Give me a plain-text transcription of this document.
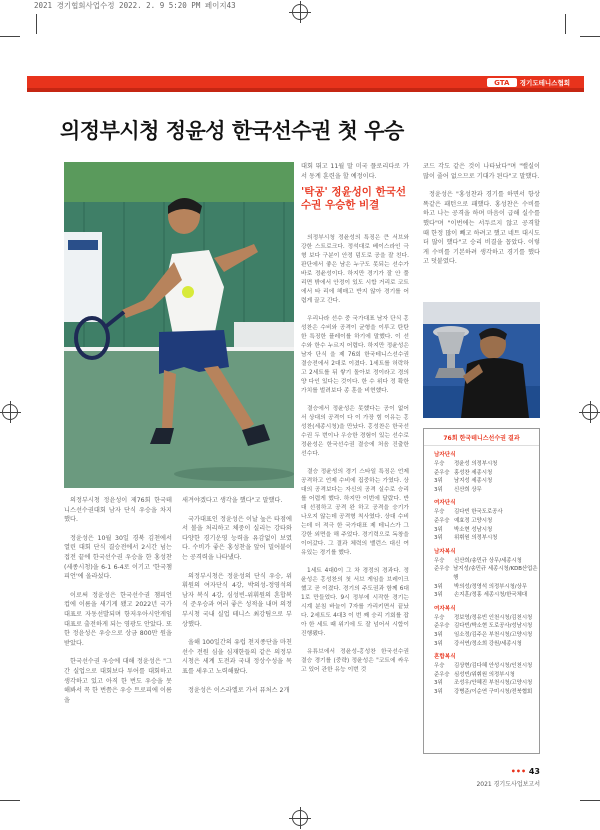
2021 경기협회사업수정 2022. 2. 9 5:20 PM 페이지43
GTA	경기도테니스협회
의정부시청 정윤성 한국선수권 첫 우승

의정부시청 정윤성이 제76회 한국테니스선수권대회 남자 단식 우승을 차지했다.

정윤성은 10월 30일 경북 김천에서 열린 대회 단식 결승전에서 2시간 넘는 접전 끝에 한국선수권 우승을 한 홍성찬(세종시청)을 6-1 6-4로 이기고 '한국챔피언'에 올라섰다.

이로써 정윤성은 한국선수권 챔피언 컵에 이름을 새기게 됐고 2022년 국가대표로 자동선발되며 항저우아시안게임 대표로 출전하게 되는 영광도 안았다. 또 한 정윤성은 우승으로 상금 800만 원을 받았다.

한국선수권 우승에 대해 정윤성은 "그 간 실업으로 대회보다 투어를 대회하고 생각하고 있고 아직 한 번도 우승을 못 해봐서 꼭 한 번쯤은 우승 트로피에 이름을

새겨야겠다고 생각을 했다"고 말했다.

국가대표인 정윤성은 이날 높은 타점에서 볼을 처리하고 체중이 실리는 강타와 다양한 경기운영 능력을 유감없이 보였다. 수비가 좋은 홍성찬을 앞어 밀어붙이는 공격력을 나타냈다.

의정부시청은 정윤성의 단식 우승, 위휘원의 여자단식 4강, 박의성-정영석의 남자 복식 4강, 심성빈-위휘원의 혼합복식 준우승과 여러 좋은 성적을 내며 의정부시청 국내 실업 테니스 최강팀으로 부상했다.

올해 100일간의 유럽 천지종단을 마친 선수 전원 심을 심재한들의 같은 의정부시청은 세계 도전과 국내 정상수성을 목표를 세우고 노력해왔다.

정윤성은 이스라엘로 가서 퓨처스 2개

대회 뛰고 11월 말 미국 플로리다로 가서 동계 훈련을 할 예정이다.

'탁공' 정윤성이 한국선수권 우승한 비결

의정부시청 정윤성의 특징은 큰 서브와 강한 스트로크다. 정석대로 베이스라인 극형 보다 구분이 안정 덤도로 공을 잘 친다. 판단에서 좋은 남은 누구도 못되는 선수가 바로 정윤성이다. 하지만 경기가 잘 안 풀리면 밖에서 안정이 있도 시합 거리로 코트에서 타 리에 헤매고 반지 않아 경기를 어렵게 끌고 간다.

우리나라 선수 중 국가대표 남자 단식 홍성찬은 수비와 공격이 균형을 이루고 탄탄한 특징한 플레이를 하기에 말했다. 이 선수와 한수 누르지 어렵다. 하지만 정윤성은 남자 단식 을 제 76회 한국테니스선수권 결승전에서 2대로 이겼다. 1세트를 허락하고 2세트를 뒤 쌓기 돌아보 정이라고 경의 양 다인 있다는 것이다. 한 수 위다 정 확한 가치를 벌려보다 종 훈을 비현했다.

결승에서 정윤성은 못했다는 공이 없어서 상대의 공격이 다 이 가장 힘 이유는 홍성찬(세종시청)을 만났다. 홍성찬은 한국선수권 두 번이나 우승한 경험이 있는 선수로 정윤성은 한국선수권 결승에 처음 진출한 선수다.

결승 정윤성의 경기 스타일 특징은 언제 공격하고 언제 수비에 집중하는 가였다. 상대의 공격보다는 자신의 공격 실수로 승리를 어렵게 했다. 하지만 이번에 달랐다. 반대 선점하고 공격 완 하고 공격을 승기가 나오지 않는데 공격형 칙사였다. 상대 수비는데 더 적극 한 국가대표 제 테니스가 그 강한 외면을 해 주었다. 경기력으로 독창을 이어갔다. 그 결과 체력의 밸런스 대신 여유있는 경기를 했다.

1세트 4대0이 그 차 경정의 경과다. 정윤성은 홍성찬의 첫 서브 게임을 브레이크 했고 곧 이겼다. 경기의 주도권과 함께 6대1로 만들었다. 9시 정부에 시작한 경기는 시계 분침 바늘이 7자를 가리키면서 끝났다. 2세트도 4대3 이 번 째 승리 기회를 잡아 한 세트 때 위기에 도 잘 넘어서 시합이 진행됐다.

유튜브에서 정윤성-홍성찬 한국선수권 결승 경기를 (중략) 정윤성은 "코트에 싸우고 있어 관한 유능 이번 것

코드 각도 같은 것이 나타났다"며 "밸실이 많이 줄어 없으므로 기대가 된다"고 말했다.

정윤성은 "홍성찬과 경기를 하면서 항상 똑같은 패턴으로 패했다. 홍성찬은 수비를 하고 나는 공격을 하며 마음이 급해 실수를 했다"며 "이번에는 서두르지 않고 공격할 때 한정 많이 빼고 하려고 했고 네트 대시도 더 많이 했다"고 승리 비결을 꼽았다. 이렇게 수비를 기본하려 생각하고 경기를 했다고 덧붙였다.

76회 한국테니스선수권 결과
남자단식
우승	정윤성 의정부시청
준우승 홍성찬 세종시청
3위	남지성 세종시청
3위	신산희 상무
여자단식
우승	김다빈 한국도로공사
준우승 예효정 고양시청
3위	박소현 성남시청
3위	위휘원 의정부시청
남자복식
우승	신산희/송민규 상무/세종시청
준우승 남지성/송민규 세종시청/KDB산업은행
3위	박의성/정영석 의정부시청/상무
3위	손지훈/정홍 세종시청/한국체대
여자복식
우승	정보영/정유빈 인천시청/김천시청
준우승 김다빈/박소현 도로공사/성남시청
3위	임소정/김주은 부천시청/고양시청
3위	강서연/정소희 강원/세종시청
혼합복식
우승	김상현/김다혜 안성시청/인천시청
준우승 심성빈/위휘원 의정부시청
3위	조성우/안혜진 부천시청/고양시청
3위	강병준/이순연 구미시청/전북협회
••• 43
2021 경기도사업보고서
